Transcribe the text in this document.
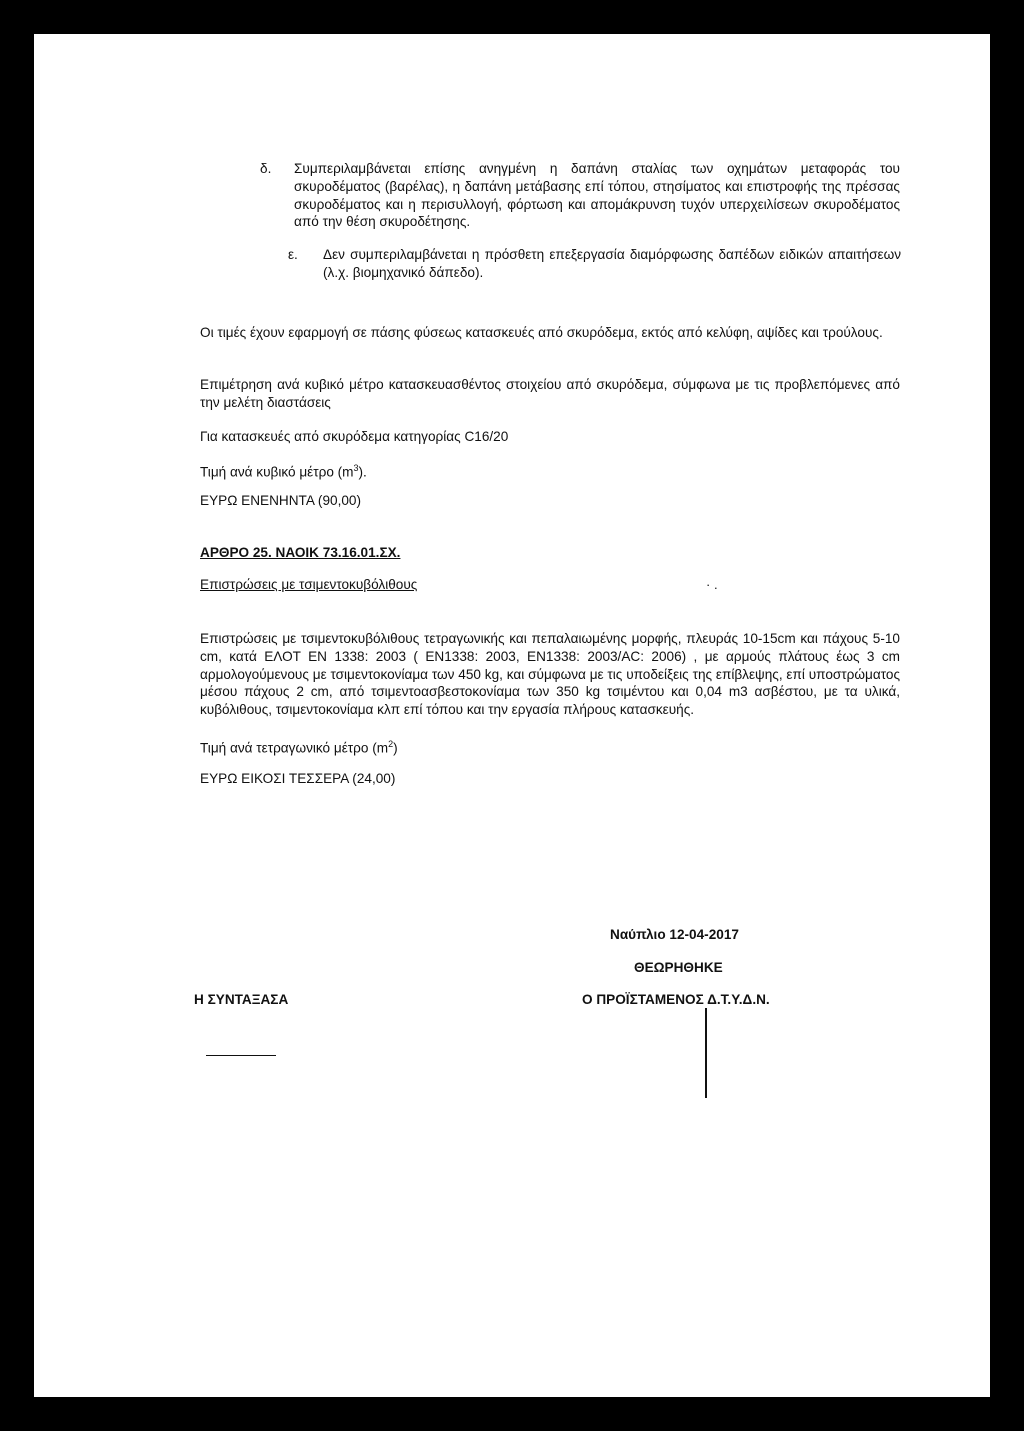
δ. Συμπεριλαμβάνεται επίσης ανηγμένη η δαπάνη σταλίας των οχημάτων μεταφοράς του σκυροδέματος (βαρέλας), η δαπάνη μετάβασης επί τόπου, στησίματος και επιστροφής της πρέσσας σκυροδέματος και η περισυλλογή, φόρτωση και απομάκρυνση τυχόν υπερχειλίσεων σκυροδέματος από την θέση σκυροδέτησης.
ε. Δεν συμπεριλαμβάνεται η πρόσθετη επεξεργασία διαμόρφωσης δαπέδων ειδικών απαιτήσεων (λ.χ. βιομηχανικό δάπεδο).
Οι τιμές έχουν εφαρμογή σε πάσης φύσεως κατασκευές από σκυρόδεμα, εκτός από κελύφη, αψίδες και τρούλους.
Επιμέτρηση ανά κυβικό μέτρο κατασκευασθέντος στοιχείου από σκυρόδεμα, σύμφωνα με τις προβλεπόμενες από την μελέτη διαστάσεις
Για κατασκευές από σκυρόδεμα κατηγορίας C16/20
Τιμή ανά κυβικό μέτρο $(m^3)$.
ΕΥΡΩ ΕΝΕΝΗΝΤΑ (90,00)
ΑΡΘΡΟ 25. ΝΑΟΙΚ 73.16.01.ΣΧ.
Επιστρώσεις με τσιμεντοκυβόλιθους	· .
Επιστρώσεις με τσιμεντοκυβόλιθους τετραγωνικής και πεπαλαιωμένης μορφής, πλευράς 10-15cm και πάχους 5-10 cm, κατά ΕΛΟΤ ΕΝ 1338: 2003 ( ΕΝ1338: 2003, ΕΝ1338: 2003/AC: 2006) , με αρμούς πλάτους έως 3 cm αρμολογούμενους με τσιμεντοκονίαμα των 450 kg, και σύμφωνα με τις υποδείξεις της επίβλεψης, επί υποστρώματος μέσου πάχους 2 cm, από τσιμεντοασβεστοκονίαμα των 350 kg τσιμέντου και 0,04 m3 ασβέστου, με τα υλικά, κυβόλιθους, τσιμεντοκονίαμα κλπ επί τόπου και την εργασία πλήρους κατασκευής.
Τιμή ανά τετραγωνικό μέτρο $(m^2)$
ΕΥΡΩ ΕΙΚΟΣΙ ΤΕΣΣΕΡΑ (24,00)
Ναύπλιο 12-04-2017
ΘΕΩΡΗΘΗΚΕ
Η ΣΥΝΤΑΞΑΣΑ	Ο ΠΡΟΪΣΤΑΜΕΝΟΣ Δ.Τ.Υ.Δ.Ν.
